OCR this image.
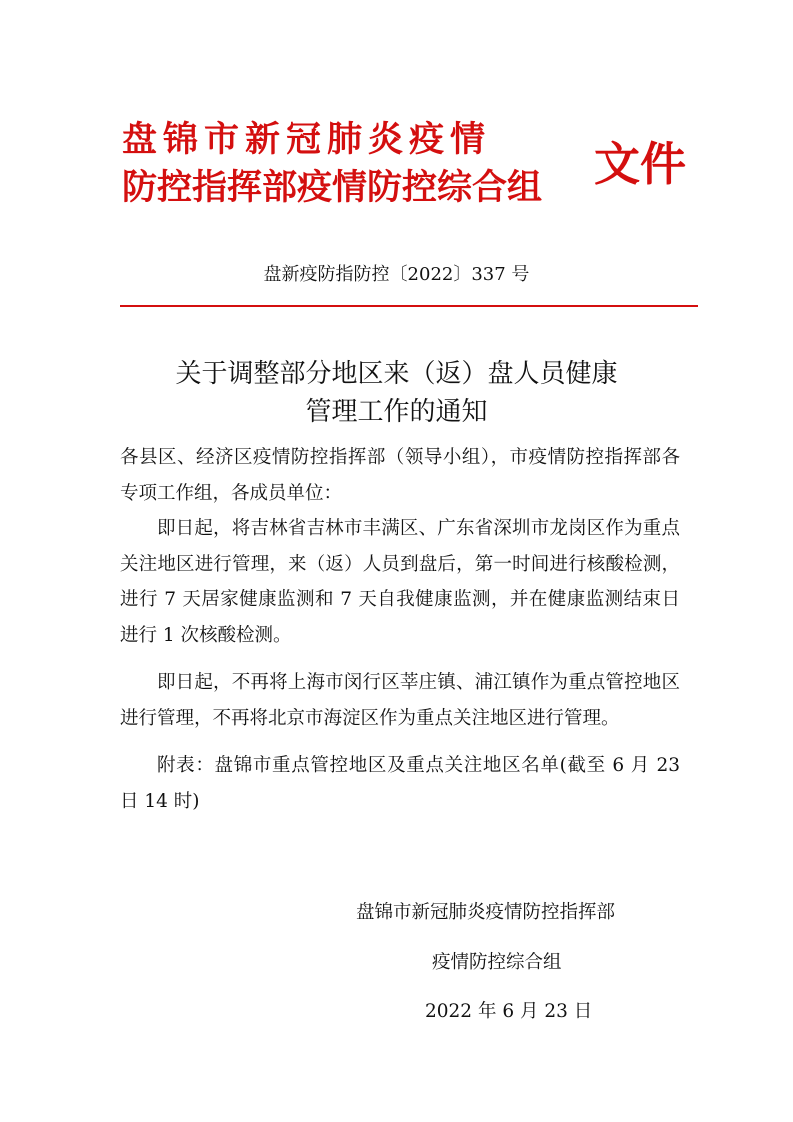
盘锦市新冠肺炎疫情
防控指挥部疫情防控综合组 文件
盘新疫防指防控〔2022〕337 号
关于调整部分地区来（返）盘人员健康
管理工作的通知

各县区、经济区疫情防控指挥部（领导小组），市疫情防控指挥部各专项工作组，各成员单位：

即日起，将吉林省吉林市丰满区、广东省深圳市龙岗区作为重点关注地区进行管理，来（返）人员到盘后，第一时间进行核酸检测，进行 7 天居家健康监测和 7 天自我健康监测，并在健康监测结束日进行 1 次核酸检测。

即日起，不再将上海市闵行区莘庄镇、浦江镇作为重点管控地区进行管理，不再将北京市海淀区作为重点关注地区进行管理。

附表：盘锦市重点管控地区及重点关注地区名单(截至 6 月 23 日 14 时)

盘锦市新冠肺炎疫情防控指挥部
疫情防控综合组
2022 年 6 月 23 日
